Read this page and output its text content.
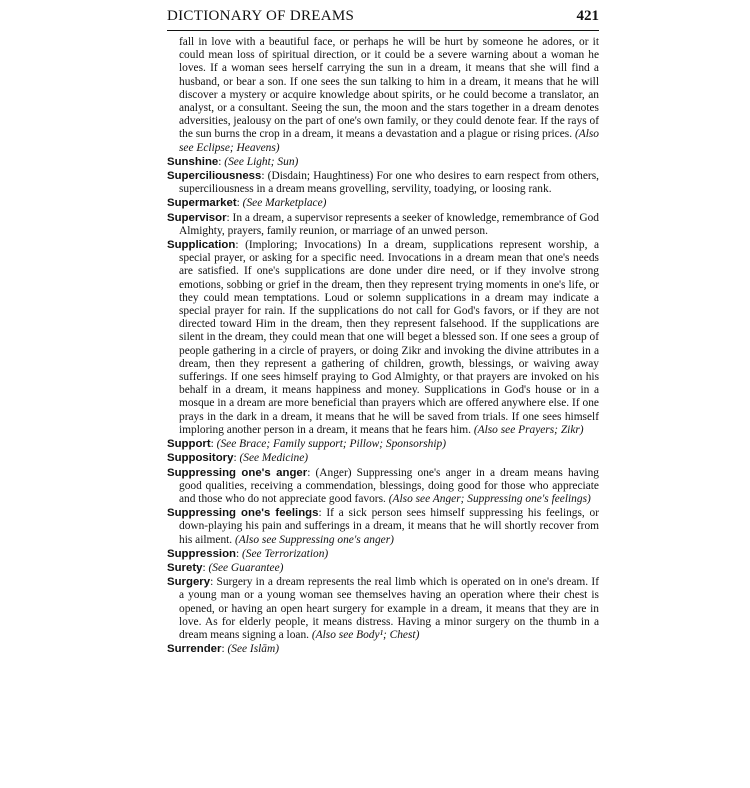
DICTIONARY OF DREAMS	421

fall in love with a beautiful face, or perhaps he will be hurt by someone he adores, or it could mean loss of spiritual direction, or it could be a severe warning about a woman he loves. If a woman sees herself carrying the sun in a dream, it means that she will find a husband, or bear a son. If one sees the sun talking to him in a dream, it means that he will discover a mystery or acquire knowledge about spirits, or he could become a translator, an analyst, or a consultant. Seeing the sun, the moon and the stars together in a dream denotes adversities, jealousy on the part of one's own family, or they could denote fear. If the rays of the sun burns the crop in a dream, it means a devastation and a plague or rising prices. (Also see Eclipse; Heavens)

Sunshine: (See Light; Sun)

Superciliousness: (Disdain; Haughtiness) For one who desires to earn respect from others, superciliousness in a dream means grovelling, servility, toadying, or loosing rank.

Supermarket: (See Marketplace)

Supervisor: In a dream, a supervisor represents a seeker of knowledge, remembrance of God Almighty, prayers, family reunion, or marriage of an unwed person.

Supplication: (Imploring; Invocations) In a dream, supplications represent worship, a special prayer, or asking for a specific need. Invocations in a dream mean that one's needs are satisfied. If one's supplications are done under dire need, or if they involve strong emotions, sobbing or grief in the dream, then they represent trying moments in one's life, or they could mean temptations. Loud or solemn supplications in a dream may indicate a special prayer for rain. If the supplications do not call for God's favors, or if they are not directed toward Him in the dream, then they represent falsehood. If the supplications are silent in the dream, they could mean that one will beget a blessed son. If one sees a group of people gathering in a circle of prayers, or doing Zikr and invoking the divine attributes in a dream, then they represent a gathering of children, growth, blessings, or waiving away sufferings. If one sees himself praying to God Almighty, or that prayers are invoked on his behalf in a dream, it means happiness and money. Supplications in God's house or in a mosque in a dream are more beneficial than prayers which are offered anywhere else. If one prays in the dark in a dream, it means that he will be saved from trials. If one sees himself imploring another person in a dream, it means that he fears him. (Also see Prayers; Zikr)

Support: (See Brace; Family support; Pillow; Sponsorship)

Suppository: (See Medicine)

Suppressing one's anger: (Anger) Suppressing one's anger in a dream means having good qualities, receiving a commendation, blessings, doing good for those who appreciate and those who do not appreciate good favors. (Also see Anger; Suppressing one's feelings)

Suppressing one's feelings: If a sick person sees himself suppressing his feelings, or down-playing his pain and sufferings in a dream, it means that he will shortly recover from his ailment. (Also see Suppressing one's anger)

Suppression: (See Terrorization)

Surety: (See Guarantee)

Surgery: Surgery in a dream represents the real limb which is operated on in one's dream. If a young man or a young woman see themselves having an operation where their chest is opened, or having an open heart surgery for example in a dream, it means that they are in love. As for elderly people, it means distress. Having a minor surgery on the thumb in a dream means signing a loan. (Also see Body¹; Chest)

Surrender: (See Islām)
